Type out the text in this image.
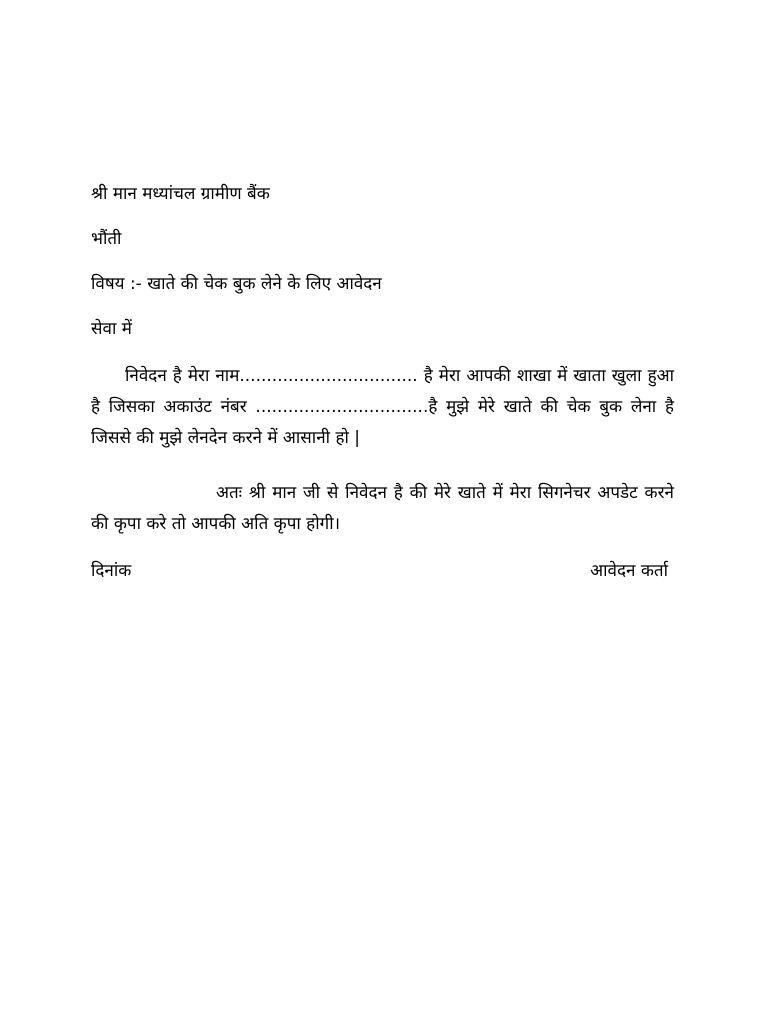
श्री मान मध्यांचल ग्रामीण बैंक
भौंती
विषय :- खाते की चेक बुक लेने के लिए आवेदन
सेवा में
निवेदन है मेरा नाम................................. है मेरा आपकी शाखा में खाता खुला हुआ है जिसका अकाउंट नंबर ................................है मुझे मेरे खाते की चेक बुक लेना है जिससे की मुझे लेनदेन करने में आसानी हो |
अतः श्री मान जी से निवेदन है की मेरे खाते में मेरा सिगनेचर अपडेट करने की कृपा करे तो आपकी अति कृपा होगी।
दिनांक	आवेदन कर्ता
